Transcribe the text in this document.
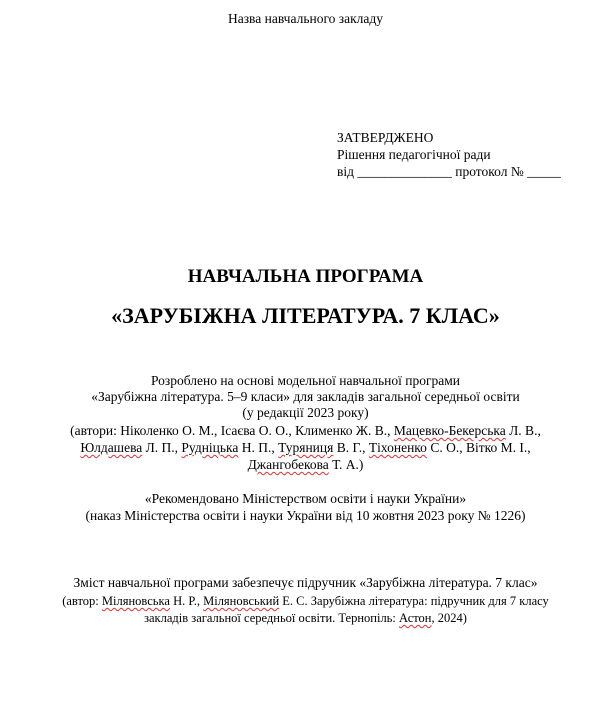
Назва навчального закладу
ЗАТВЕРДЖЕНО
Рішення педагогічної ради
від ______________ протокол № _____
НАВЧАЛЬНА ПРОГРАМА
«ЗАРУБІЖНА ЛІТЕРАТУРА. 7 КЛАС»
Розроблено на основі модельної навчальної програми
«Зарубіжна література. 5–9 класи» для закладів загальної середньої освіти
(у редакції 2023 року)
(автори: Ніколенко О. М., Ісаєва О. О., Клименко Ж. В., Мацевко-Бекерська Л. В.,
Юлдашева Л. П., Рудніцька Н. П., Туряниця В. Г., Тіхоненко С. О., Вітко М. І.,
Джангобекова Т. А.)
«Рекомендовано Міністерством освіти і науки України»
(наказ Міністерства освіти і науки України від 10 жовтня 2023 року № 1226)
Зміст навчальної програми забезпечує підручник «Зарубіжна література. 7 клас»
(автор: Міляновська Н. Р., Міляновський Е. С. Зарубіжна література: підручник для 7 класу
закладів загальної середньої освіти. Тернопіль: Астон, 2024)
